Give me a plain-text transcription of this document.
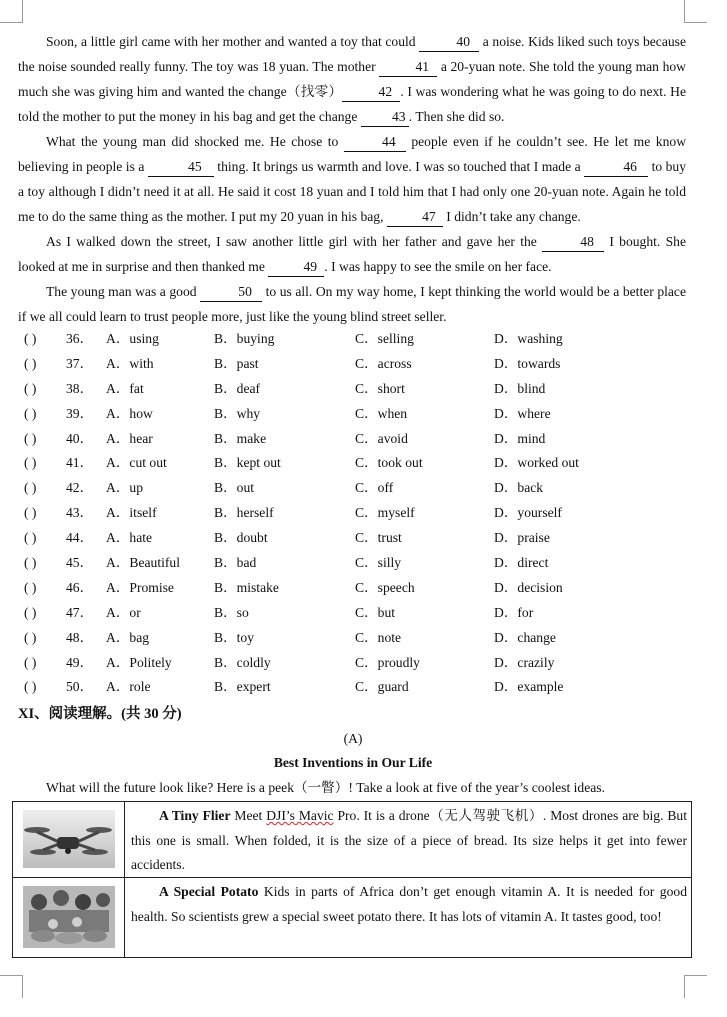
Soon, a little girl came with her mother and wanted a toy that could	40 a noise. Kids liked such toys because the noise sounded really funny. The toy was 18 yuan. The mother	41 a 20-yuan note. She told the young man how much she was giving him and wanted the change（找零）	42 . I was wondering what he was going to do next. He told the mother to put the money in his bag and get the change 43 . Then she did so.

What the young man did shocked me. He chose to	44 people even if he couldn’t see. He let me know believing in people is a	45 thing. It brings us warmth and love. I was so touched that I made a	46 to buy a toy although I didn’t need it at all. He said it cost 18 yuan and I told him that I had only one 20-yuan note. Again he told me to do the same thing as the mother. I put my 20 yuan in his bag,	47 I didn’t take any change.

As I walked down the street, I saw another little girl with her father and gave her the	48 I bought. She looked at me in surprise and then thanked me	49 . I was happy to see the smile on her face.

The young man was a good	50 to us all. On my way home, I kept thinking the world would be a better place if we all could learn to trust people more, just like the young blind street seller.

( ) 36． A．using	B．buying	C．selling	D．washing
( ) 37． A．with	B．past	C．across	D．towards
( ) 38． A．fat	B．deaf	C．short	D．blind
( ) 39． A．how	B．why	C．when	D．where
( ) 40． A．hear	B．make	C．avoid	D．mind
( ) 41． A．cut out	B．kept out	C．took out	D．worked out
( ) 42． A．up	B．out	C．off	D．back
( ) 43． A．itself	B．herself	C．myself	D．yourself
( ) 44． A．hate	B．doubt	C．trust	D．praise
( ) 45． A．Beautiful	B．bad	C．silly	D．direct
( ) 46． A．Promise	B．mistake	C．speech	D．decision
( ) 47． A．or	B．so	C．but	D．for
( ) 48． A．bag	B．toy	C．note	D．change
( ) 49． A．Politely	B．coldly	C．proudly	D．crazily
( ) 50． A．role	B．expert	C．guard	D．example
XI、阅读理解。(共 30 分)
(A)
Best Inventions in Our Life
What will the future look like? Here is a peek（一瞥）! Take a look at five of the year’s coolest ideas.
A Tiny Flier Meet DJI’s Mavic Pro. It is a drone（无人驾驶飞机）. Most drones are big. But this one is small. When folded, it is the size of a piece of bread. Its size helps it get into fewer accidents.
A Special Potato Kids in parts of Africa don’t get enough vitamin A. It is needed for good health. So scientists grew a special sweet potato there. It has lots of vitamin A. It tastes good, too!
